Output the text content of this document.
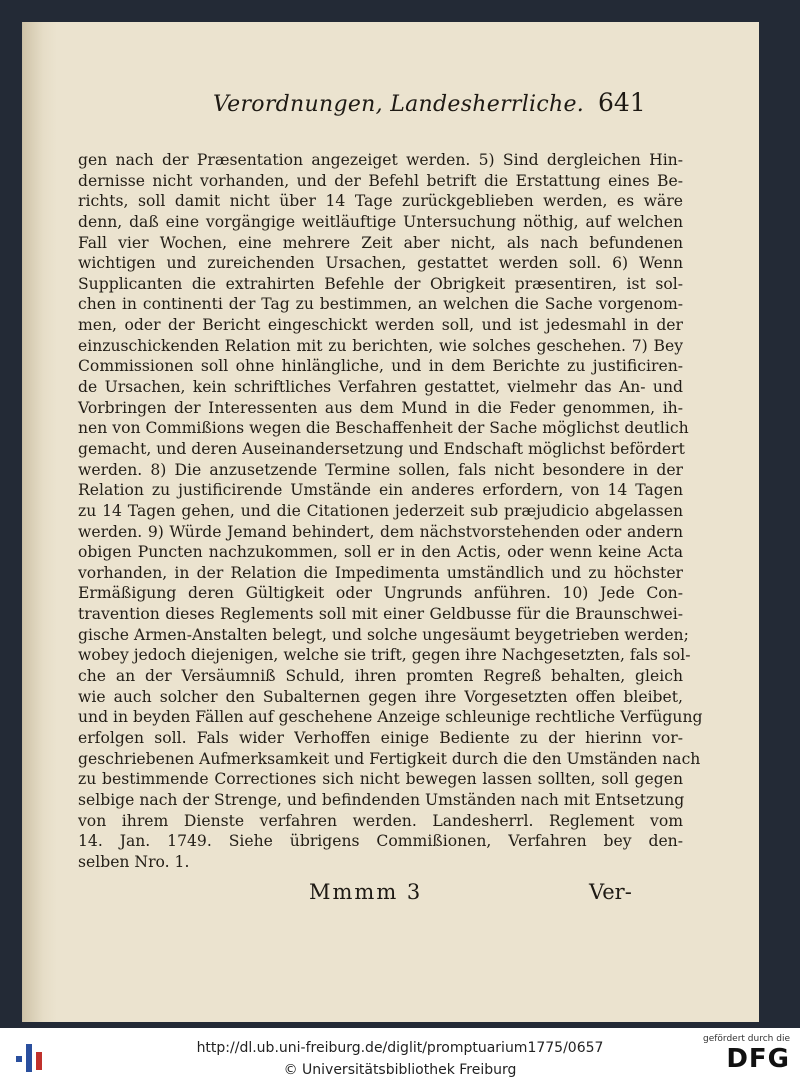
Verordnungen, Landesherrliche. 641
gen nach der Præsentation angezeiget werden. 5) Sind dergleichen Hin-
dernisse nicht vorhanden, und der Befehl betrift die Erstattung eines Be-
richts, soll damit nicht über 14 Tage zurückgeblieben werden, es wäre
denn, daß eine vorgängige weitläuftige Untersuchung nöthig, auf welchen
Fall vier Wochen, eine mehrere Zeit aber nicht, als nach befundenen
wichtigen und zureichenden Ursachen, gestattet werden soll. 6) Wenn
Supplicanten die extrahirten Befehle der Obrigkeit præsentiren, ist sol-
chen in continenti der Tag zu bestimmen, an welchen die Sache vorgenom-
men, oder der Bericht eingeschickt werden soll, und ist jedesmahl in der
einzuschickenden Relation mit zu berichten, wie solches geschehen. 7) Bey
Commissionen soll ohne hinlängliche, und in dem Berichte zu justificiren-
de Ursachen, kein schriftliches Verfahren gestattet, vielmehr das An- und
Vorbringen der Interessenten aus dem Mund in die Feder genommen, ih-
nen von Commißions wegen die Beschaffenheit der Sache möglichst deutlich
gemacht, und deren Auseinandersetzung und Endschaft möglichst befördert
werden. 8) Die anzusetzende Termine sollen, fals nicht besondere in der
Relation zu justificirende Umstände ein anderes erfordern, von 14 Tagen
zu 14 Tagen gehen, und die Citationen jederzeit sub præjudicio abgelassen
werden. 9) Würde Jemand behindert, dem nächstvorstehenden oder andern
obigen Puncten nachzukommen, soll er in den Actis, oder wenn keine Acta
vorhanden, in der Relation die Impedimenta umständlich und zu höchster
Ermäßigung deren Gültigkeit oder Ungrunds anführen. 10) Jede Con-
travention dieses Reglements soll mit einer Geldbusse für die Braunschwei-
gische Armen-Anstalten belegt, und solche ungesäumt beygetrieben werden;
wobey jedoch diejenigen, welche sie trift, gegen ihre Nachgesetzten, fals sol-
che an der Versäumniß Schuld, ihren promten Regreß behalten, gleich
wie auch solcher den Subalternen gegen ihre Vorgesetzten offen bleibet,
und in beyden Fällen auf geschehene Anzeige schleunige rechtliche Verfügung
erfolgen soll. Fals wider Verhoffen einige Bediente zu der hierinn vor-
geschriebenen Aufmerksamkeit und Fertigkeit durch die den Umständen nach
zu bestimmende Correctiones sich nicht bewegen lassen sollten, soll gegen
selbige nach der Strenge, und befindenden Umständen nach mit Entsetzung
von ihrem Dienste verfahren werden. Landesherrl. Reglement vom
14. Jan. 1749. Siehe übrigens Commißionen, Verfahren bey den-
selben Nro. 1.
Mmmm 3	Ver-
http://dl.ub.uni-freiburg.de/diglit/promptuarium1775/0657
© Universitätsbibliothek Freiburg
gefördert durch die
DFG
